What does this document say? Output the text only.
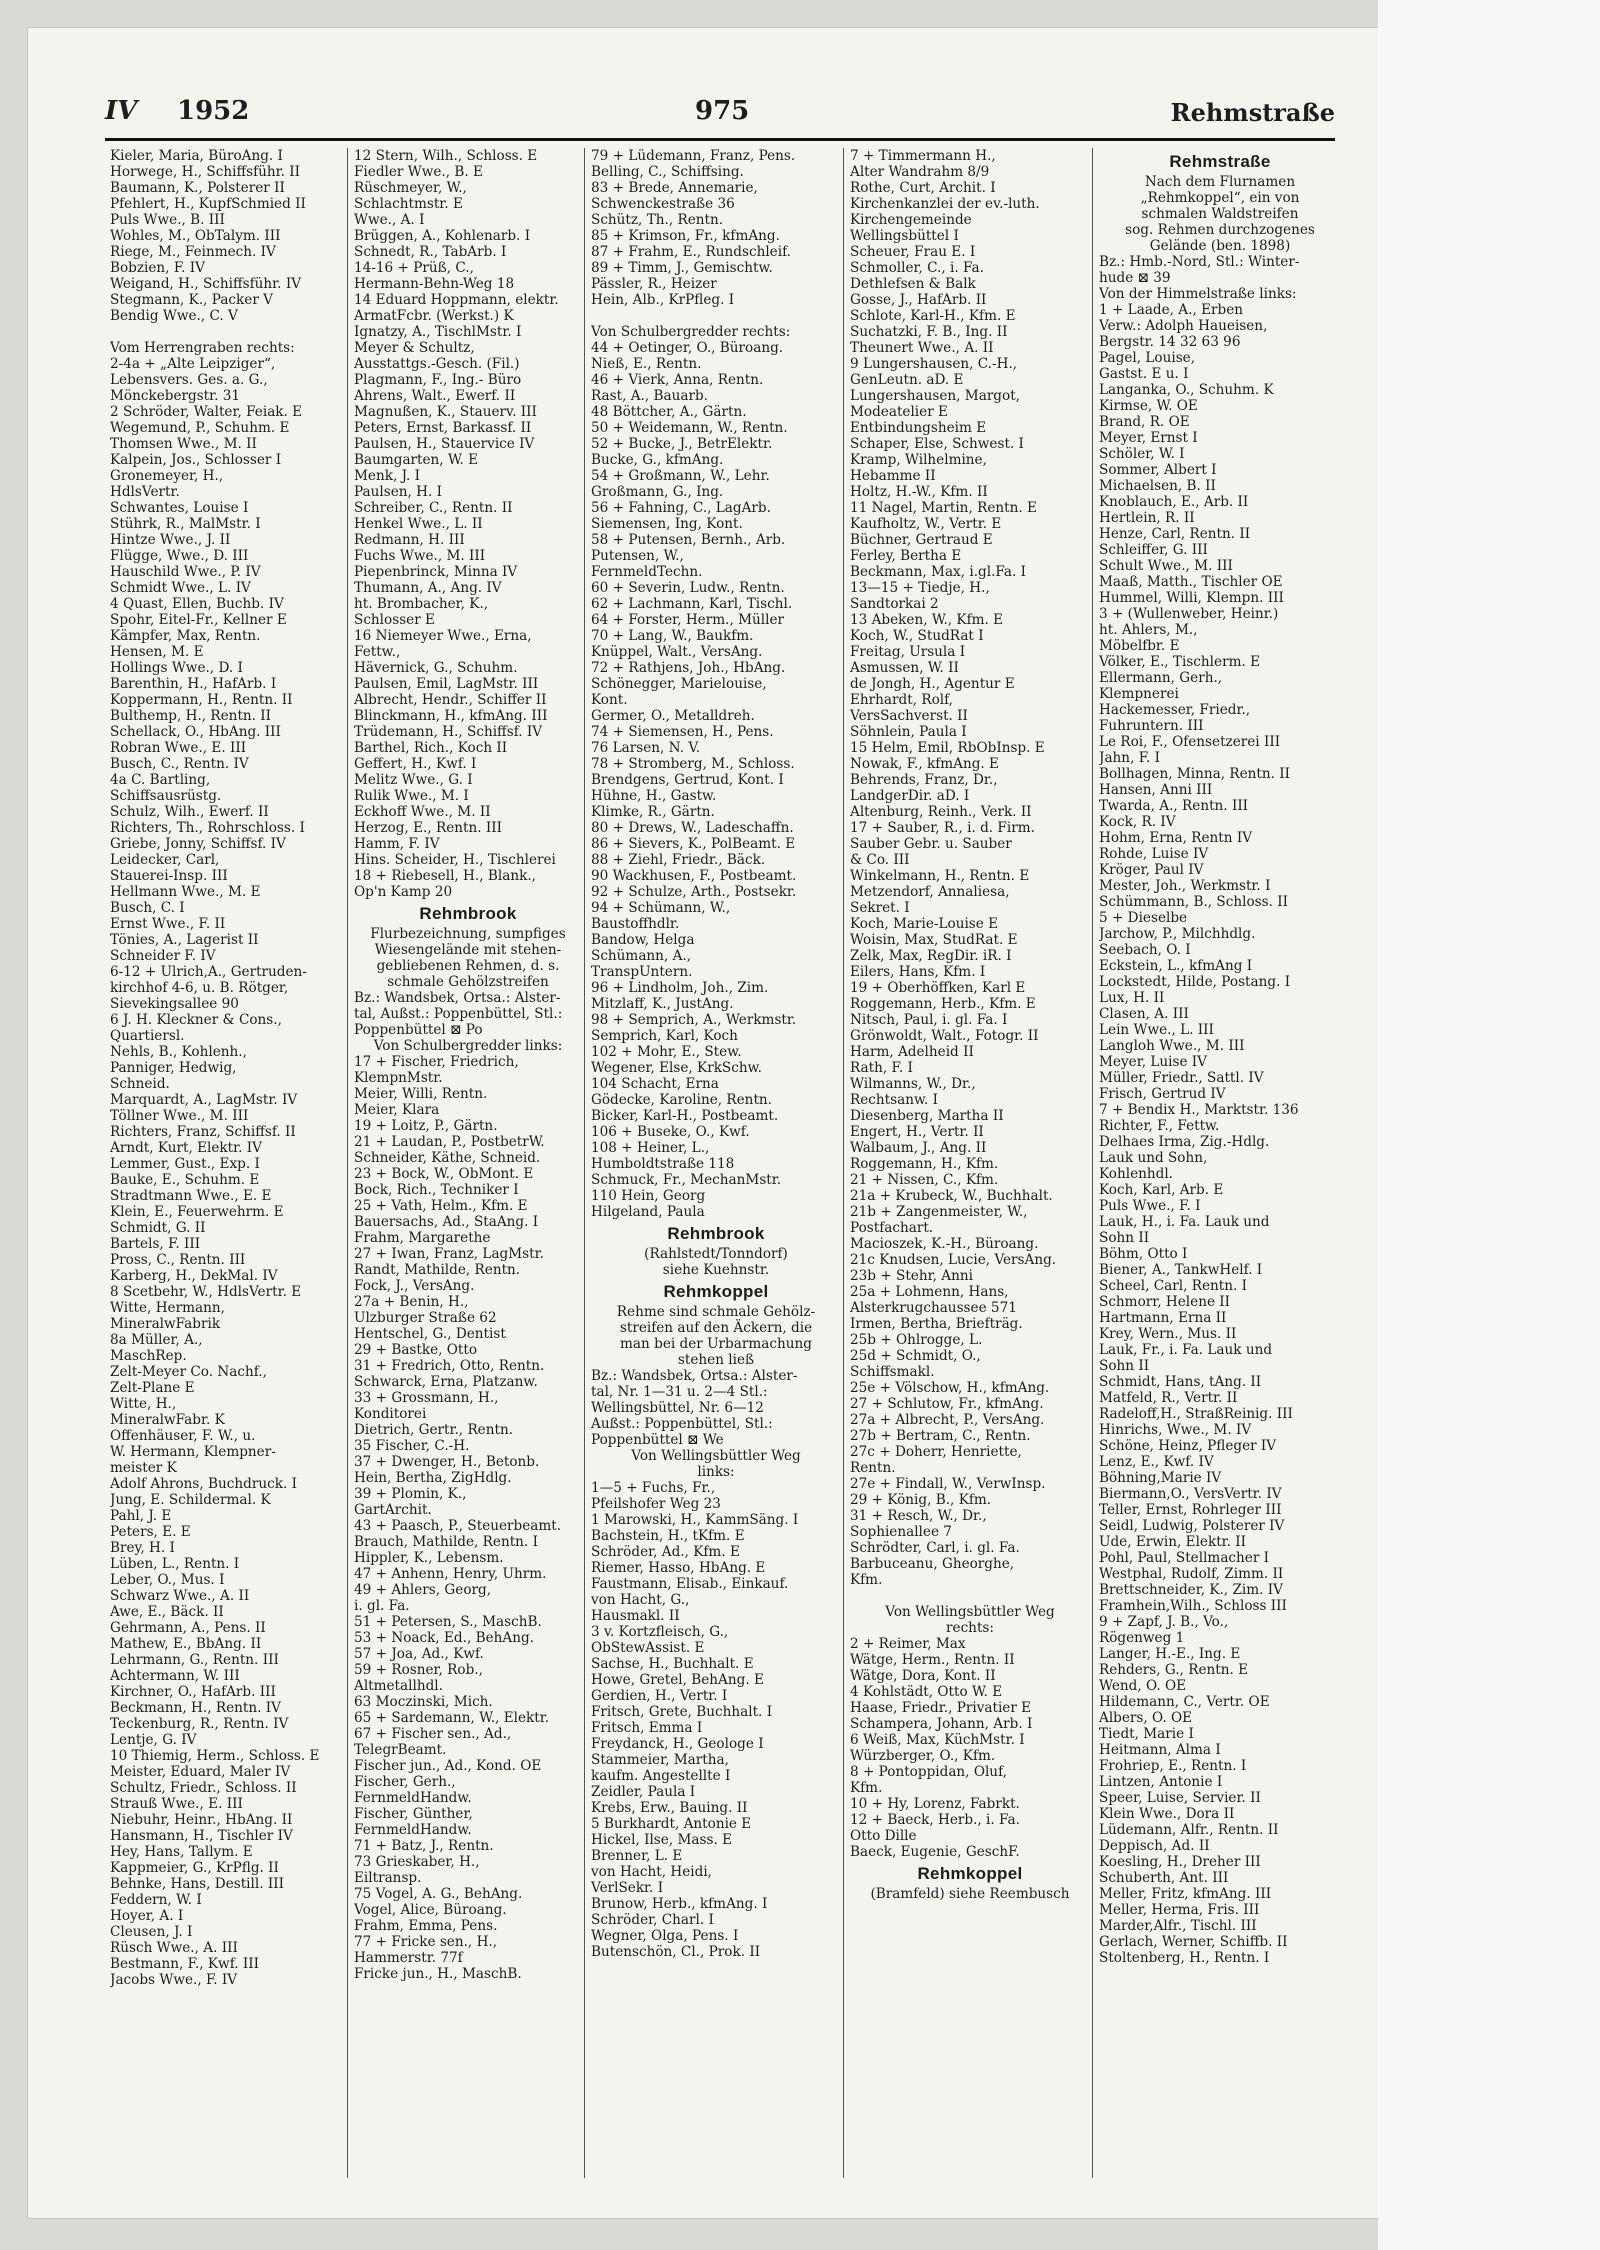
IV 1952	975	Rehmstraße
Kieler, Maria, BüroAng. I
Horwege, H., Schiffsführ. II
Baumann, K., Polsterer II
Pfehlert, H., KupfSchmied II
Puls Wwe., B. III
Wohles, M., ObTalym. III
Riege, M., Feinmech. IV
Bobzien, F. IV
Weigand, H., Schiffsführ. IV
Stegmann, K., Packer V
Bendig Wwe., C. V

Vom Herrengraben rechts:
2-4a + „Alte Leipziger“,
Lebensvers. Ges. a. G.,
Mönckebergstr. 31
2 Schröder, Walter, Feiak. E
Wegemund, P., Schuhm. E
Thomsen Wwe., M. II
Kalpein, Jos., Schlosser I
Gronemeyer, H.,
HdlsVertr.
Schwantes, Louise I
Stührk, R., MalMstr. I
Hintze Wwe., J. II
Flügge, Wwe., D. III
Hauschild Wwe., P. IV
Schmidt Wwe., L. IV
4 Quast, Ellen, Buchb. IV
Spohr, Eitel-Fr., Kellner E
Kämpfer, Max, Rentn.
Hensen, M. E
Hollings Wwe., D. I
Barenthin, H., HafArb. I
Koppermann, H., Rentn. II
Bulthemp, H., Rentn. II
Schellack, O., HbAng. III
Robran Wwe., E. III
Busch, C., Rentn. IV
4a C. Bartling,
Schiffsausrüstg.
Schulz, Wilh., Ewerf. II
Richters, Th., Rohrschloss. I
Griebe, Jonny, Schiffsf. IV
Leidecker, Carl,
Stauerei-Insp. III
Hellmann Wwe., M. E
Busch, C. I
Ernst Wwe., F. II
Tönies, A., Lagerist II
Schneider F. IV
6-12 + Ulrich,A., Gertruden-
kirchhof 4-6, u. B. Rötger,
Sievekingsallee 90
6 J. H. Kleckner & Cons.,
Quartiersl.
Nehls, B., Kohlenh.,
Panniger, Hedwig,
Schneid.
Marquardt, A., LagMstr. IV
Töllner Wwe., M. III
Richters, Franz, Schiffsf. II
Arndt, Kurt, Elektr. IV
Lemmer, Gust., Exp. I
Bauke, E., Schuhm. E
Stradtmann Wwe., E. E
Klein, E., Feuerwehrm. E
Schmidt, G. II
Bartels, F. III
Pross, C., Rentn. III
Karberg, H., DekMal. IV
8 Scetbehr, W., HdlsVertr. E
Witte, Hermann,
MineralwFabrik
8a Müller, A.,
MaschRep.
Zelt-Meyer Co. Nachf.,
Zelt-Plane E
Witte, H.,
MineralwFabr. K
Offenhäuser, F. W., u.
W. Hermann, Klempner-
meister K
Adolf Ahrons, Buchdruck. I
Jung, E. Schildermal. K
Pahl, J. E
Peters, E. E
Brey, H. I
Lüben, L., Rentn. I
Leber, O., Mus. I
Schwarz Wwe., A. II
Awe, E., Bäck. II
Gehrmann, A., Pens. II
Mathew, E., BbAng. II
Lehrmann, G., Rentn. III
Achtermann, W. III
Kirchner, O., HafArb. III
Beckmann, H., Rentn. IV
Teckenburg, R., Rentn. IV
Lentje, G. IV
10 Thiemig, Herm., Schloss. E
Meister, Eduard, Maler IV
Schultz, Friedr., Schloss. II
Strauß Wwe., E. III
Niebuhr, Heinr., HbAng. II
Hansmann, H., Tischler IV
Hey, Hans, Tallym. E
Kappmeier, G., KrPflg. II
Behnke, Hans, Destill. III
Feddern, W. I
Hoyer, A. I
Cleusen, J. I
Rüsch Wwe., A. III
Bestmann, F., Kwf. III
Jacobs Wwe., F. IV
12 Stern, Wilh., Schloss. E
Fiedler Wwe., B. E
Rüschmeyer, W.,
Schlachtmstr. E
Wwe., A. I
Brüggen, A., Kohlenarb. I
Schnedt, R., TabArb. I
14-16 + Prüß, C.,
Hermann-Behn-Weg 18
14 Eduard Hoppmann, elektr.
ArmatFcbr. (Werkst.) K
Ignatzy, A., TischlMstr. I
Meyer & Schultz,
Ausstattgs.-Gesch. (Fil.)
Plagmann, F., Ing.- Büro
Ahrens, Walt., Ewerf. II
Magnußen, K., Stauerv. III
Peters, Ernst, Barkassf. II
Paulsen, H., Stauervice IV
Baumgarten, W. E
Menk, J. I
Paulsen, H. I
Schreiber, C., Rentn. II
Henkel Wwe., L. II
Redmann, H. III
Fuchs Wwe., M. III
Piepenbrinck, Minna IV
Thumann, A., Ang. IV
ht. Brombacher, K.,
Schlosser E
16 Niemeyer Wwe., Erna,
Fettw.,
Hävernick, G., Schuhm.
Paulsen, Emil, LagMstr. III
Albrecht, Hendr., Schiffer II
Blinckmann, H., kfmAng. III
Trüdemann, H., Schiffsf. IV
Barthel, Rich., Koch II
Geffert, H., Kwf. I
Melitz Wwe., G. I
Rulik Wwe., M. I
Eckhoff Wwe., M. II
Herzog, E., Rentn. III
Hamm, F. IV
Hins. Scheider, H., Tischlerei
18 + Riebesell, H., Blank.,
Op'n Kamp 20
Rehmbrook
Flurbezeichnung, sumpfiges
Wiesengelände mit stehen-
gebliebenen Rehmen, d. s.
schmale Gehölzstreifen
Bz.: Wandsbek, Ortsa.: Alster-
tal, Außst.: Poppenbüttel, Stl.:
Poppenbüttel ⊠ Po
Von Schulbergredder links:
17 + Fischer, Friedrich,
KlempnMstr.
Meier, Willi, Rentn.
Meier, Klara
19 + Loitz, P., Gärtn.
21 + Laudan, P., PostbetrW.
Schneider, Käthe, Schneid.
23 + Bock, W., ObMont. E
Bock, Rich., Techniker I
25 + Vath, Helm., Kfm. E
Bauersachs, Ad., StaAng. I
Frahm, Margarethe
27 + Iwan, Franz, LagMstr.
Randt, Mathilde, Rentn.
Fock, J., VersAng.
27a + Benin, H.,
Ulzburger Straße 62
Hentschel, G., Dentist
29 + Bastke, Otto
31 + Fredrich, Otto, Rentn.
Schwarck, Erna, Platzanw.
33 + Grossmann, H.,
Konditorei
Dietrich, Gertr., Rentn.
35 Fischer, C.-H.
37 + Dwenger, H., Betonb.
Hein, Bertha, ZigHdlg.
39 + Plomin, K.,
GartArchit.
43 + Paasch, P., Steuerbeamt.
Brauch, Mathilde, Rentn. I
Hippler, K., Lebensm.
47 + Anhenn, Henry, Uhrm.
49 + Ahlers, Georg,
i. gl. Fa.
51 + Petersen, S., MaschB.
53 + Noack, Ed., BehAng.
57 + Joa, Ad., Kwf.
59 + Rosner, Rob.,
Altmetallhdl.
63 Moczinski, Mich.
65 + Sardemann, W., Elektr.
67 + Fischer sen., Ad.,
TelegrBeamt.
Fischer jun., Ad., Kond. OE
Fischer, Gerh.,
FernmeldHandw.
Fischer, Günther,
FernmeldHandw.
71 + Batz, J., Rentn.
73 Grieskaber, H.,
Eiltransp.
75 Vogel, A. G., BehAng.
Vogel, Alice, Büroang.
Frahm, Emma, Pens.
77 + Fricke sen., H.,
Hammerstr. 77f
Fricke jun., H., MaschB.
79 + Lüdemann, Franz, Pens.
Belling, C., Schiffsing.
83 + Brede, Annemarie,
Schwenckestraße 36
Schütz, Th., Rentn.
85 + Krimson, Fr., kfmAng.
87 + Frahm, E., Rundschleif.
89 + Timm, J., Gemischtw.
Pässler, R., Heizer
Hein, Alb., KrPfleg. I

Von Schulbergredder rechts:
44 + Oetinger, O., Büroang.
Nieß, E., Rentn.
46 + Vierk, Anna, Rentn.
Rast, A., Bauarb.
48 Böttcher, A., Gärtn.
50 + Weidemann, W., Rentn.
52 + Bucke, J., BetrElektr.
Bucke, G., kfmAng.
54 + Großmann, W., Lehr.
Großmann, G., Ing.
56 + Fahning, C., LagArb.
Siemensen, Ing, Kont.
58 + Putensen, Bernh., Arb.
Putensen, W.,
FernmeldTechn.
60 + Severin, Ludw., Rentn.
62 + Lachmann, Karl, Tischl.
64 + Forster, Herm., Müller
70 + Lang, W., Baukfm.
Knüppel, Walt., VersAng.
72 + Rathjens, Joh., HbAng.
Schönegger, Marielouise,
Kont.
Germer, O., Metalldreh.
74 + Siemensen, H., Pens.
76 Larsen, N. V.
78 + Stromberg, M., Schloss.
Brendgens, Gertrud, Kont. I
Hühne, H., Gastw.
Klimke, R., Gärtn.
80 + Drews, W., Ladeschaffn.
86 + Sievers, K., PolBeamt. E
88 + Ziehl, Friedr., Bäck.
90 Wackhusen, F., Postbeamt.
92 + Schulze, Arth., Postsekr.
94 + Schümann, W.,
Baustoffhdlr.
Bandow, Helga
Schümann, A.,
TranspUntern.
96 + Lindholm, Joh., Zim.
Mitzlaff, K., JustAng.
98 + Semprich, A., Werkmstr.
Semprich, Karl, Koch
102 + Mohr, E., Stew.
Wegener, Else, KrkSchw.
104 Schacht, Erna
Gödecke, Karoline, Rentn.
Bicker, Karl-H., Postbeamt.
106 + Buseke, O., Kwf.
108 + Heiner, L.,
Humboldtstraße 118
Schmuck, Fr., MechanMstr.
110 Hein, Georg
Hilgeland, Paula
Rehmbrook
(Rahlstedt/Tonndorf)
siehe Kuehnstr.
Rehmkoppel
Rehme sind schmale Gehölz-
streifen auf den Äckern, die
man bei der Urbarmachung
stehen ließ
Bz.: Wandsbek, Ortsa.: Alster-
tal, Nr. 1—31 u. 2—4 Stl.:
Wellingsbüttel, Nr. 6—12
Außst.: Poppenbüttel, Stl.:
Poppenbüttel ⊠ We
Von Wellingsbüttler Weg
links:
1—5 + Fuchs, Fr.,
Pfeilshofer Weg 23
1 Marowski, H., KammSäng. I
Bachstein, H., tKfm. E
Schröder, Ad., Kfm. E
Riemer, Hasso, HbAng. E
Faustmann, Elisab., Einkauf.
von Hacht, G.,
Hausmakl. II
3 v. Kortzfleisch, G.,
ObStewAssist. E
Sachse, H., Buchhalt. E
Howe, Gretel, BehAng. E
Gerdien, H., Vertr. I
Fritsch, Grete, Buchhalt. I
Fritsch, Emma I
Freydanck, H., Geologe I
Stammeier, Martha,
kaufm. Angestellte I
Zeidler, Paula I
Krebs, Erw., Bauing. II
5 Burkhardt, Antonie E
Hickel, Ilse, Mass. E
Brenner, L. E
von Hacht, Heidi,
VerlSekr. I
Brunow, Herb., kfmAng. I
Schröder, Charl. I
Wegner, Olga, Pens. I
Butenschön, Cl., Prok. II
7 + Timmermann H.,
Alter Wandrahm 8/9
Rothe, Curt, Archit. I
Kirchenkanzlei der ev.-luth.
Kirchengemeinde
Wellingsbüttel I
Scheuer, Frau E. I
Schmoller, C., i. Fa.
Dethlefsen & Balk
Gosse, J., HafArb. II
Schlote, Karl-H., Kfm. E
Suchatzki, F. B., Ing. II
Theunert Wwe., A. II
9 Lungershausen, C.-H.,
GenLeutn. aD. E
Lungershausen, Margot,
Modeatelier E
Entbindungsheim E
Schaper, Else, Schwest. I
Kramp, Wilhelmine,
Hebamme II
Holtz, H.-W., Kfm. II
11 Nagel, Martin, Rentn. E
Kaufholtz, W., Vertr. E
Büchner, Gertraud E
Ferley, Bertha E
Beckmann, Max, i.gl.Fa. I
13—15 + Tiedje, H.,
Sandtorkai 2
13 Abeken, W., Kfm. E
Koch, W., StudRat I
Freitag, Ursula I
Asmussen, W. II
de Jongh, H., Agentur E
Ehrhardt, Rolf,
VersSachverst. II
Söhnlein, Paula I
15 Helm, Emil, RbObInsp. E
Nowak, F., kfmAng. E
Behrends, Franz, Dr.,
LandgerDir. aD. I
Altenburg, Reinh., Verk. II
17 + Sauber, R., i. d. Firm.
Sauber Gebr. u. Sauber
& Co. III
Winkelmann, H., Rentn. E
Metzendorf, Annaliesa,
Sekret. I
Koch, Marie-Louise E
Woisin, Max, StudRat. E
Zelk, Max, RegDir. iR. I
Eilers, Hans, Kfm. I
19 + Oberhöffken, Karl E
Roggemann, Herb., Kfm. E
Nitsch, Paul, i. gl. Fa. I
Grönwoldt, Walt., Fotogr. II
Harm, Adelheid II
Rath, F. I
Wilmanns, W., Dr.,
Rechtsanw. I
Diesenberg, Martha II
Engert, H., Vertr. II
Walbaum, J., Ang. II
Roggemann, H., Kfm.
21 + Nissen, C., Kfm.
21a + Krubeck, W., Buchhalt.
21b + Zangenmeister, W.,
Postfachart.
Macioszek, K.-H., Büroang.
21c Knudsen, Lucie, VersAng.
23b + Stehr, Anni
25a + Lohmenn, Hans,
Alsterkrugchaussee 571
Irmen, Bertha, Briefträg.
25b + Ohlrogge, L.
25d + Schmidt, O.,
Schiffsmakl.
25e + Völschow, H., kfmAng.
27 + Schlutow, Fr., kfmAng.
27a + Albrecht, P., VersAng.
27b + Bertram, C., Rentn.
27c + Doherr, Henriette,
Rentn.
27e + Findall, W., VerwInsp.
29 + König, B., Kfm.
31 + Resch, W., Dr.,
Sophienallee 7
Schrödter, Carl, i. gl. Fa.
Barbuceanu, Gheorghe,
Kfm.

Von Wellingsbüttler Weg
rechts:
2 + Reimer, Max
Wätge, Herm., Rentn. II
Wätge, Dora, Kont. II
4 Kohlstädt, Otto W. E
Haase, Friedr., Privatier E
Schampera, Johann, Arb. I
6 Weiß, Max, KüchMstr. I
Würzberger, O., Kfm.
8 + Pontoppidan, Oluf,
Kfm.
10 + Hy, Lorenz, Fabrkt.
12 + Baeck, Herb., i. Fa.
Otto Dille
Baeck, Eugenie, GeschF.
Rehmkoppel
(Bramfeld) siehe Reembusch
Rehmstraße
Nach dem Flurnamen
„Rehmkoppel“, ein von
schmalen Waldstreifen
sog. Rehmen durchzogenes
Gelände (ben. 1898)
Bz.: Hmb.-Nord, Stl.: Winter-
hude ⊠ 39
Von der Himmelstraße links:
1 + Laade, A., Erben
Verw.: Adolph Haueisen,
Bergstr. 14 32 63 96
Pagel, Louise,
Gastst. E u. I
Langanka, O., Schuhm. K
Kirmse, W. OE
Brand, R. OE
Meyer, Ernst I
Schöler, W. I
Sommer, Albert I
Michaelsen, B. II
Knoblauch, E., Arb. II
Hertlein, R. II
Henze, Carl, Rentn. II
Schleiffer, G. III
Schult Wwe., M. III
Maaß, Matth., Tischler OE
Hummel, Willi, Klempn. III
3 + (Wullenweber, Heinr.)
ht. Ahlers, M.,
Möbelfbr. E
Völker, E., Tischlerm. E
Ellermann, Gerh.,
Klempnerei
Hackemesser, Friedr.,
Fuhruntern. III
Le Roi, F., Ofensetzerei III
Jahn, F. I
Bollhagen, Minna, Rentn. II
Hansen, Anni III
Twarda, A., Rentn. III
Kock, R. IV
Hohm, Erna, Rentn IV
Rohde, Luise IV
Kröger, Paul IV
Mester, Joh., Werkmstr. I
Schümmann, B., Schloss. II
5 + Dieselbe
Jarchow, P., Milchhdlg.
Seebach, O. I
Eckstein, L., kfmAng I
Lockstedt, Hilde, Postang. I
Lux, H. II
Clasen, A. III
Lein Wwe., L. III
Langloh Wwe., M. III
Meyer, Luise IV
Müller, Friedr., Sattl. IV
Frisch, Gertrud IV
7 + Bendix H., Marktstr. 136
Richter, F., Fettw.
Delhaes Irma, Zig.-Hdlg.
Lauk und Sohn,
Kohlenhdl.
Koch, Karl, Arb. E
Puls Wwe., F. I
Lauk, H., i. Fa. Lauk und
Sohn II
Böhm, Otto I
Biener, A., TankwHelf. I
Scheel, Carl, Rentn. I
Schmorr, Helene II
Hartmann, Erna II
Krey, Wern., Mus. II
Lauk, Fr., i. Fa. Lauk und
Sohn II
Schmidt, Hans, tAng. II
Matfeld, R., Vertr. II
Radeloff,H., StraßReinig. III
Hinrichs, Wwe., M. IV
Schöne, Heinz, Pfleger IV
Lenz, E., Kwf. IV
Böhning,Marie IV
Biermann,O., VersVertr. IV
Teller, Ernst, Rohrleger III
Seidl, Ludwig, Polsterer IV
Ude, Erwin, Elektr. II
Pohl, Paul, Stellmacher I
Westphal, Rudolf, Zimm. II
Brettschneider, K., Zim. IV
Framhein,Wilh., Schloss III
9 + Zapf, J. B., Vo.,
Rögenweg 1
Langer, H.-E., Ing. E
Rehders, G., Rentn. E
Wend, O. OE
Hildemann, C., Vertr. OE
Albers, O. OE
Tiedt, Marie I
Heitmann, Alma I
Frohriep, E., Rentn. I
Lintzen, Antonie I
Speer, Luise, Servier. II
Klein Wwe., Dora II
Lüdemann, Alfr., Rentn. II
Deppisch, Ad. II
Koesling, H., Dreher III
Schuberth, Ant. III
Meller, Fritz, kfmAng. III
Meller, Herma, Fris. III
Marder,Alfr., Tischl. III
Gerlach, Werner, Schiffb. II
Stoltenberg, H., Rentn. I
